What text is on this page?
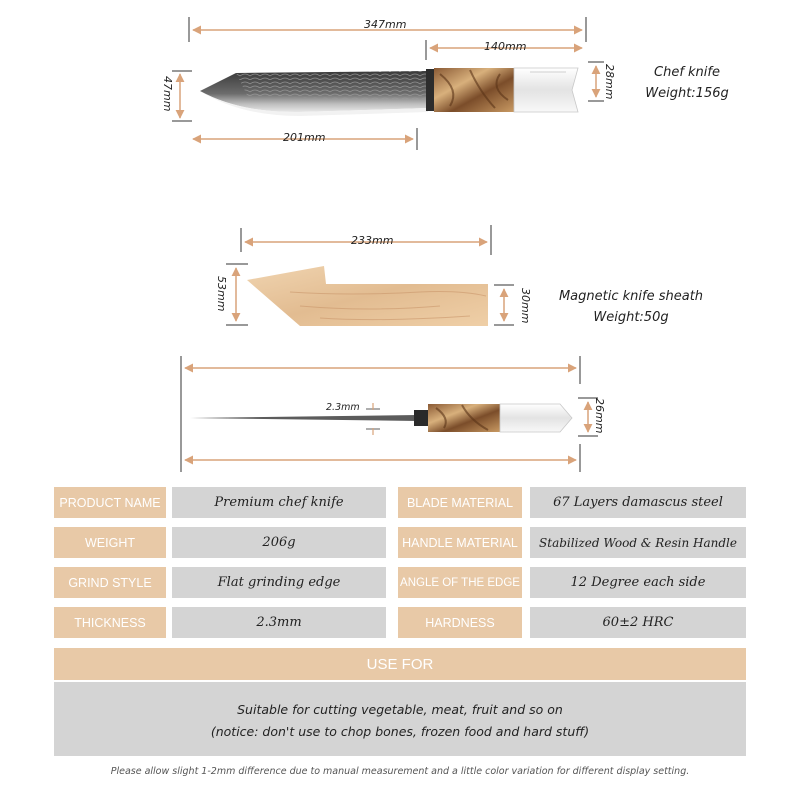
347mm
140mm
47mm	28mm
201mm
Chef knife
Weight:156g
233mm
53mm	30mm	Magnetic knife sheath
Weight:50g
2.3mm	26mm
PRODUCT NAME	Premium chef knife	BLADE MATERIAL	67 Layers damascus steel
WEIGHT	206g	HANDLE MATERIAL	Stabilized Wood & Resin Handle
GRIND STYLE	Flat grinding edge	ANGLE OF THE EDGE	12 Degree each side
THICKNESS	2.3mm	HARDNESS	60±2 HRC
USE FOR
Suitable for cutting vegetable, meat, fruit and so on
(notice: don't use to chop bones, frozen food and hard stuff)
Please allow slight 1-2mm difference due to manual measurement and a little color variation for different display setting.
